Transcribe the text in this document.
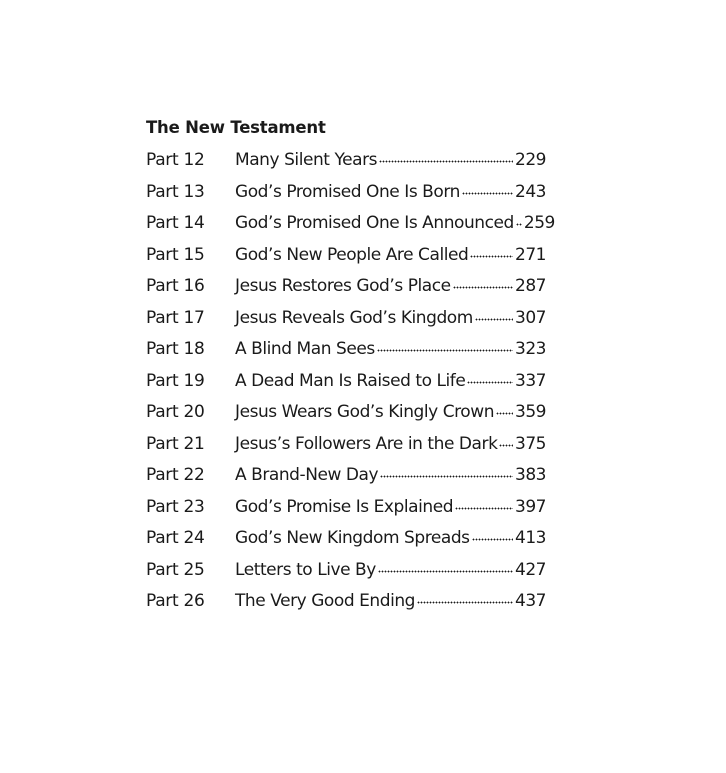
The New Testament
Part 12	Many Silent Years	229
Part 13	God’s Promised One Is Born	243
Part 14	God’s Promised One Is Announced 259
Part 15	God’s New People Are Called	271
Part 16	Jesus Restores God’s Place	287
Part 17	Jesus Reveals God’s Kingdom 307
Part 18	A Blind Man Sees	323
Part 19	A Dead Man Is Raised to Life	337
Part 20	Jesus Wears God’s Kingly Crown 359
Part 21	Jesus’s Followers Are in the Dark 375
Part 22	A Brand-New Day	383
Part 23	God’s Promise Is Explained	397
Part 24	God’s New Kingdom Spreads	413
Part 25	Letters to Live By	427
Part 26	The Very Good Ending	437
